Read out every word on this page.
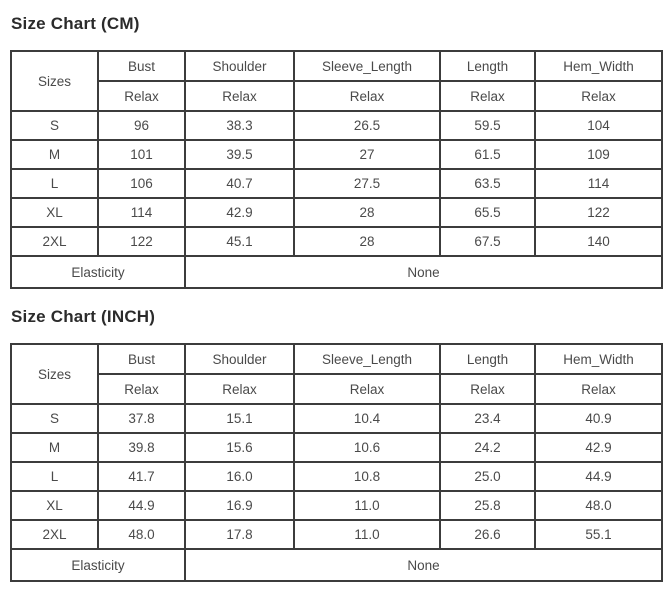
Size Chart (CM)
Sizes	Bust	Shoulder	Sleeve_Length	Length	Hem_Width
	Relax	Relax	Relax	Relax	Relax
S	96	38.3	26.5	59.5	104
M	101	39.5	27	61.5	109
L	106	40.7	27.5	63.5	114
XL	114	42.9	28	65.5	122
2XL	122	45.1	28	67.5	140
Elasticity		None			
Size Chart (INCH)
Sizes	Bust	Shoulder	Sleeve_Length	Length	Hem_Width
	Relax	Relax	Relax	Relax	Relax
S	37.8	15.1	10.4	23.4	40.9
M	39.8	15.6	10.6	24.2	42.9
L	41.7	16.0	10.8	25.0	44.9
XL	44.9	16.9	11.0	25.8	48.0
2XL	48.0	17.8	11.0	26.6	55.1
Elasticity		None			
